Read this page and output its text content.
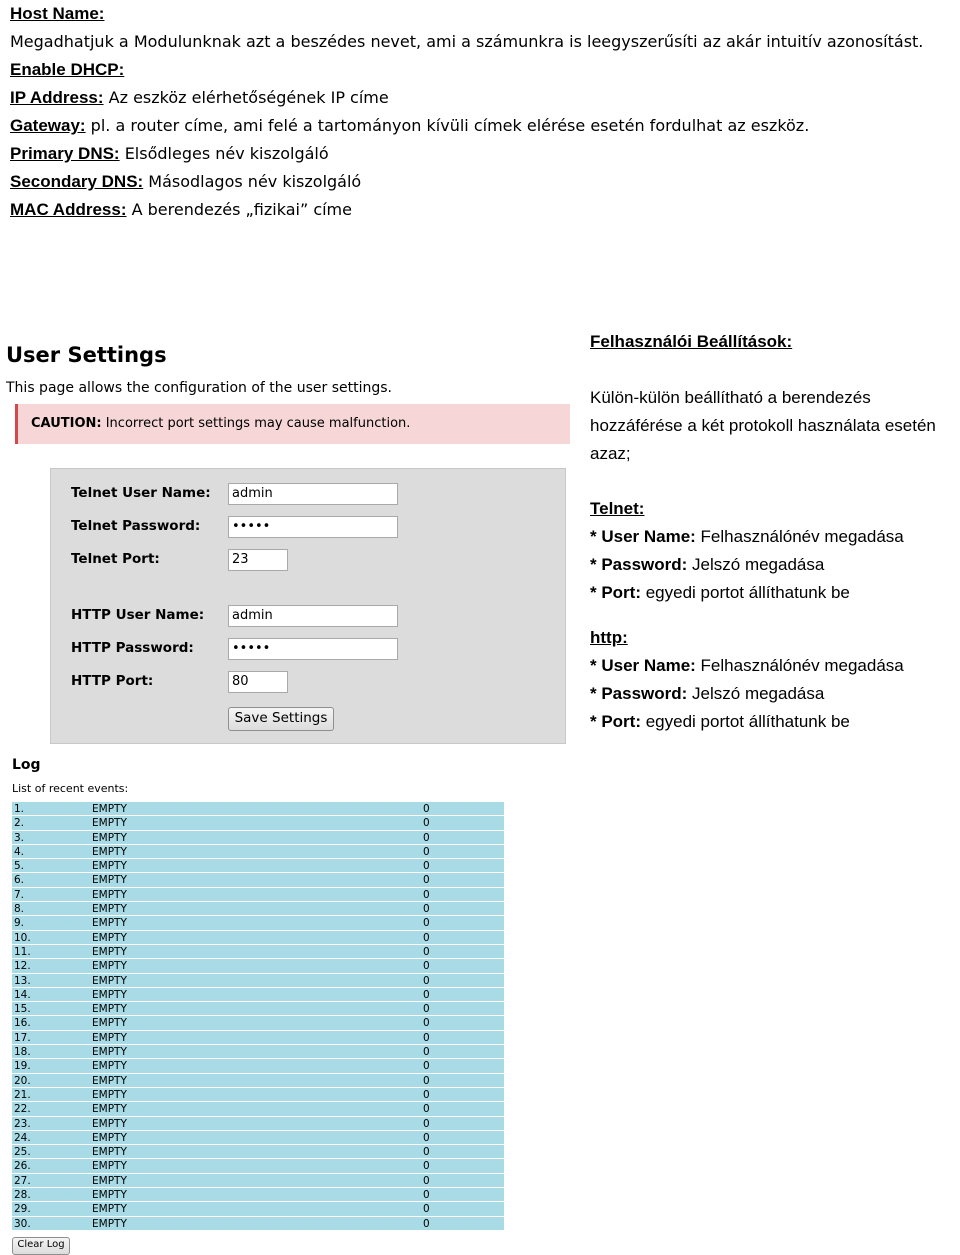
Host Name:
Megadhatjuk a Modulunknak azt a beszédes nevet, ami a számunkra is leegyszerűsíti az akár intuitív azonosítást.
Enable DHCP:
IP Address: Az eszköz elérhetőségének IP címe
Gateway: pl. a router címe, ami felé a tartományon kívüli címek elérése esetén fordulhat az eszköz.
Primary DNS: Elsődleges név kiszolgáló
Secondary DNS: Másodlagos név kiszolgáló
MAC Address: A berendezés „fizikai” címe
User Settings
This page allows the configuration of the user settings.
CAUTION: Incorrect port settings may cause malfunction.
Telnet User Name:	admin
Telnet Password:	•••••
Telnet Port:	23
HTTP User Name:	admin
HTTP Password:	•••••
HTTP Port:	80
Save Settings
Felhasználói Beállítások:
Külön-külön beállítható a berendezés
hozzáférése a két protokoll használata esetén
azaz;
Telnet:
* User Name: Felhasználónév megadása
* Password: Jelszó megadása
* Port: egyedi portot állíthatunk be
http:
* User Name: Felhasználónév megadása
* Password: Jelszó megadása
* Port: egyedi portot állíthatunk be
Log
List of recent events:
1.	EMPTY	0
2.	EMPTY	0
3.	EMPTY	0
4.	EMPTY	0
5.	EMPTY	0
6.	EMPTY	0
7.	EMPTY	0
8.	EMPTY	0
9.	EMPTY	0
10.	EMPTY	0
11.	EMPTY	0
12.	EMPTY	0
13.	EMPTY	0
14.	EMPTY	0
15.	EMPTY	0
16.	EMPTY	0
17.	EMPTY	0
18.	EMPTY	0
19.	EMPTY	0
20.	EMPTY	0
21.	EMPTY	0
22.	EMPTY	0
23.	EMPTY	0
24.	EMPTY	0
25.	EMPTY	0
26.	EMPTY	0
27.	EMPTY	0
28.	EMPTY	0
29.	EMPTY	0
30.	EMPTY	0
Clear Log
